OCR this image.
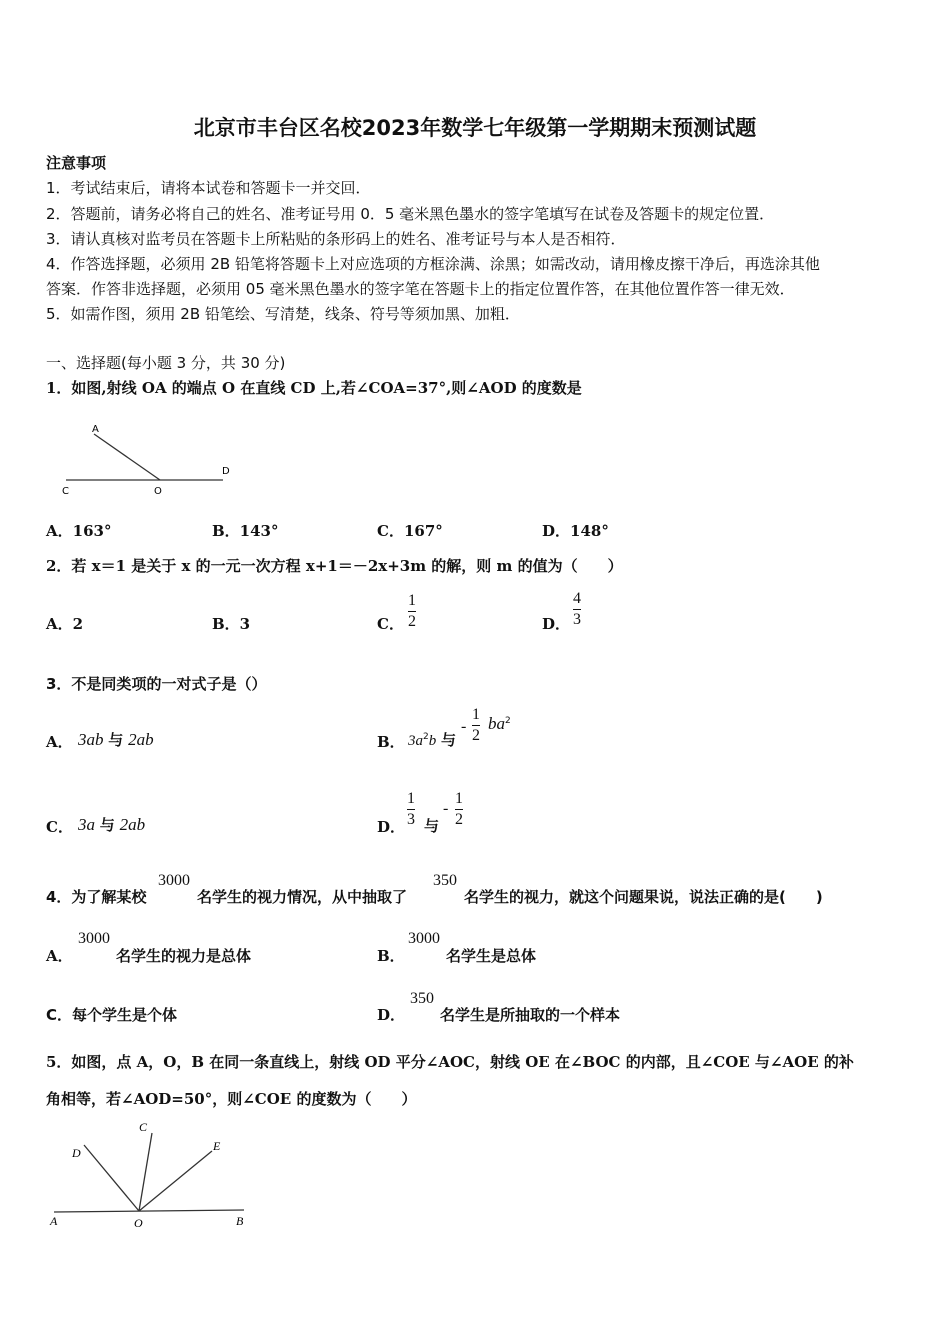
北京市丰台区名校2023年数学七年级第一学期期末预测试题
注意事项
1．考试结束后，请将本试卷和答题卡一并交回．
2．答题前，请务必将自己的姓名、准考证号用 0．5 毫米黑色墨水的签字笔填写在试卷及答题卡的规定位置．
3．请认真核对监考员在答题卡上所粘贴的条形码上的姓名、准考证号与本人是否相符．
4．作答选择题，必须用 2B 铅笔将答题卡上对应选项的方框涂满、涂黑；如需改动，请用橡皮擦干净后，再选涂其他
答案．作答非选择题，必须用 05 毫米黑色墨水的签字笔在答题卡上的指定位置作答，在其他位置作答一律无效．
5．如需作图，须用 2B 铅笔绘、写清楚，线条、符号等须加黑、加粗．
一、选择题(每小题 3 分，共 30 分)
1．如图,射线 OA 的端点 O 在直线 CD 上,若∠COA=37°,则∠AOD 的度数是
A
C	O
D
A．163°	B．143°	C．167°	D．148°
2．若 x＝1 是关于 x 的一元一次方程 x+1＝－2x+3m 的解，则 m 的值为（　　）
A．2	B．3	C．
1
2	D．
4
3
3．不是同类项的一对式子是（）
A． 3ab 与 2ab	B． $3a^2b$ 与
-
1
2
$ba^2$
C． 3a 与 2ab	D．
1
3 与
-
1
2
4．为了解某校
3000
名学生的视力情况，从中抽取了
350
名学生的视力，就这个问题果说，说法正确的是(　　)
A．
3000
名学生的视力是总体	B．
3000
名学生是总体
C．每个学生是个体	D．
350
名学生是所抽取的一个样本
5．如图，点 A，O，B 在同一条直线上，射线 OD 平分∠AOC，射线 OE 在∠BOC 的内部，且∠COE 与∠AOE 的补
角相等，若∠AOD=50°，则∠COE 的度数为（　　）
D
C
E
A	O	B
